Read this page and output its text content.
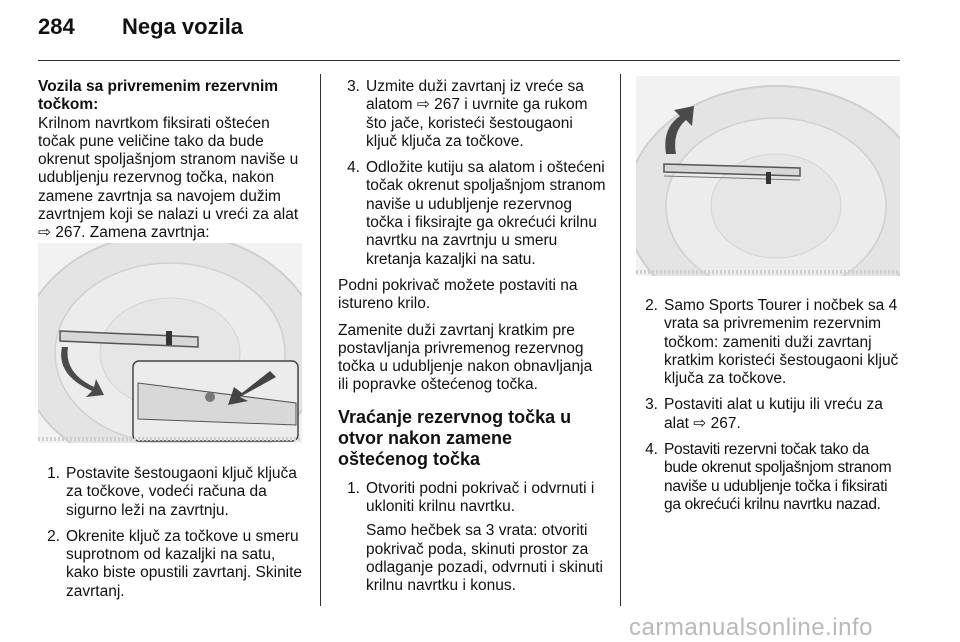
284 Nega vozila

Vozila sa privremenim rezervnim točkom:
Krilnom navrtkom fiksirati oštećen točak pune veličine tako da bude okrenut spoljašnjom stranom naviše u udubljenju rezervnog točka, nakon zamene zavrtnja sa navojem dužim zavrtnjem koji se nalazi u vreći za alat ⇨ 267. Zamena zavrtnja:

1. Postavite šestougaoni ključ ključa za točkove, vodeći računa da sigurno leži na zavrtnju.
2. Okrenite ključ za točkove u smeru suprotnom od kazaljki na satu, kako biste opustili zavrtanj. Skinite zavrtanj.
3. Uzmite duži zavrtanj iz vreće sa alatom ⇨ 267 i uvrnite ga rukom što jače, koristeći šestougaoni ključ ključa za točkove.
4. Odložite kutiju sa alatom i oštećeni točak okrenut spoljašnjom stranom naviše u udubljenje rezervnog točka i fiksirajte ga okrećući krilnu navrtku na zavrtnju u smeru kretanja kazaljki na satu.

Podni pokrivač možete postaviti na istureno krilo.

Zamenite duži zavrtanj kratkim pre postavljanja privremenog rezervnog točka u udubljenje nakon obnavljanja ili popravke oštećenog točka.

Vraćanje rezervnog točka u otvor nakon zamene oštećenog točka
1. Otvoriti podni pokrivač i odvrnuti i ukloniti krilnu navrtku.

Samo hečbek sa 3 vrata: otvoriti pokrivač poda, skinuti prostor za odlaganje pozadi, odvrnuti i skinuti krilnu navrtku i konus.

2. Samo Sports Tourer i nočbek sa 4 vrata sa privremenim rezervnim točkom: zameniti duži zavrtanj kratkim koristeći šestougaoni ključ ključa za točkove.
3. Postaviti alat u kutiju ili vreću za alat ⇨ 267.
4. Postaviti rezervni točak tako da bude okrenut spoljašnjom stranom naviše u udubljenje točka i fiksirati ga okrećući krilnu navrtku nazad.
carmanualsonline.info
